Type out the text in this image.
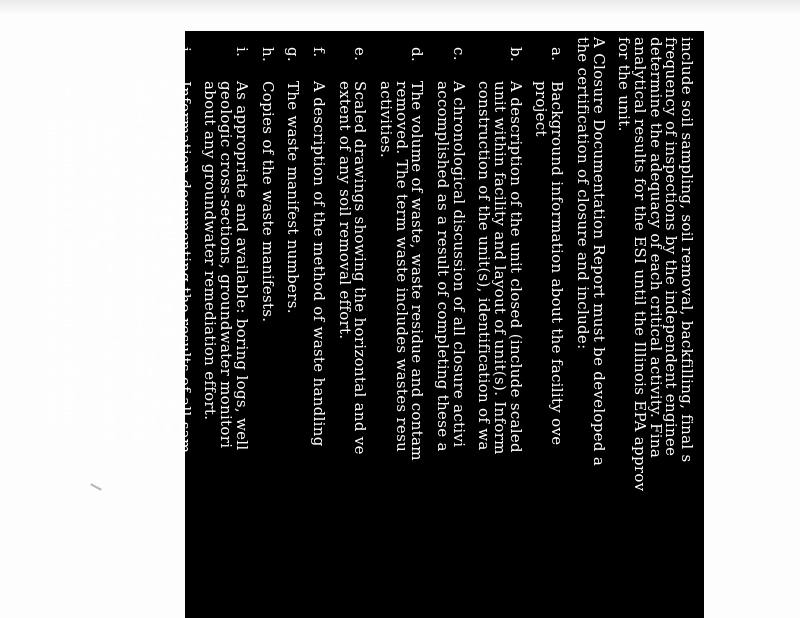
include soil sampling, soil removal, backfilling, final s
frequency of inspections by the independent enginee
determine the adequacy of each critical activity. Fina
analytical results for the ESI until the Illinois EPA approv
for the unit.
A Closure Documentation Report must be developed a
the certification of closure and include:
a.
Background information about the facility ove
project
b.
A description of the unit closed (include scaled
unit within facility and layout of unit(s). Inform
construction of the unit(s), identification of wa
c.
A chronological discussion of all closure activi
accomplished as a result of completing these a
d.
The volume of waste, waste residue and contam
removed. The term waste includes wastes resu
activities.
e.
Scaled drawings showing the horizontal and ve
extent of any soil removal effort.
f.
A description of the method of waste handling
g.
The waste manifest numbers.
h.
Copies of the waste manifests.
i.
As appropriate and available: boring logs, well
geologic cross-sections, groundwater monitori
about any groundwater remediation effort.
j.
Information documenting the results of all sam
goal of presenting this information should be t
manner the activities and results associated wi
effort. At a minimum, this information must in
(1)
identification of the reason for the samp
goals of the effort;
(2)
a summary in tabular form of all analyt
quality assurance/quality control data.
